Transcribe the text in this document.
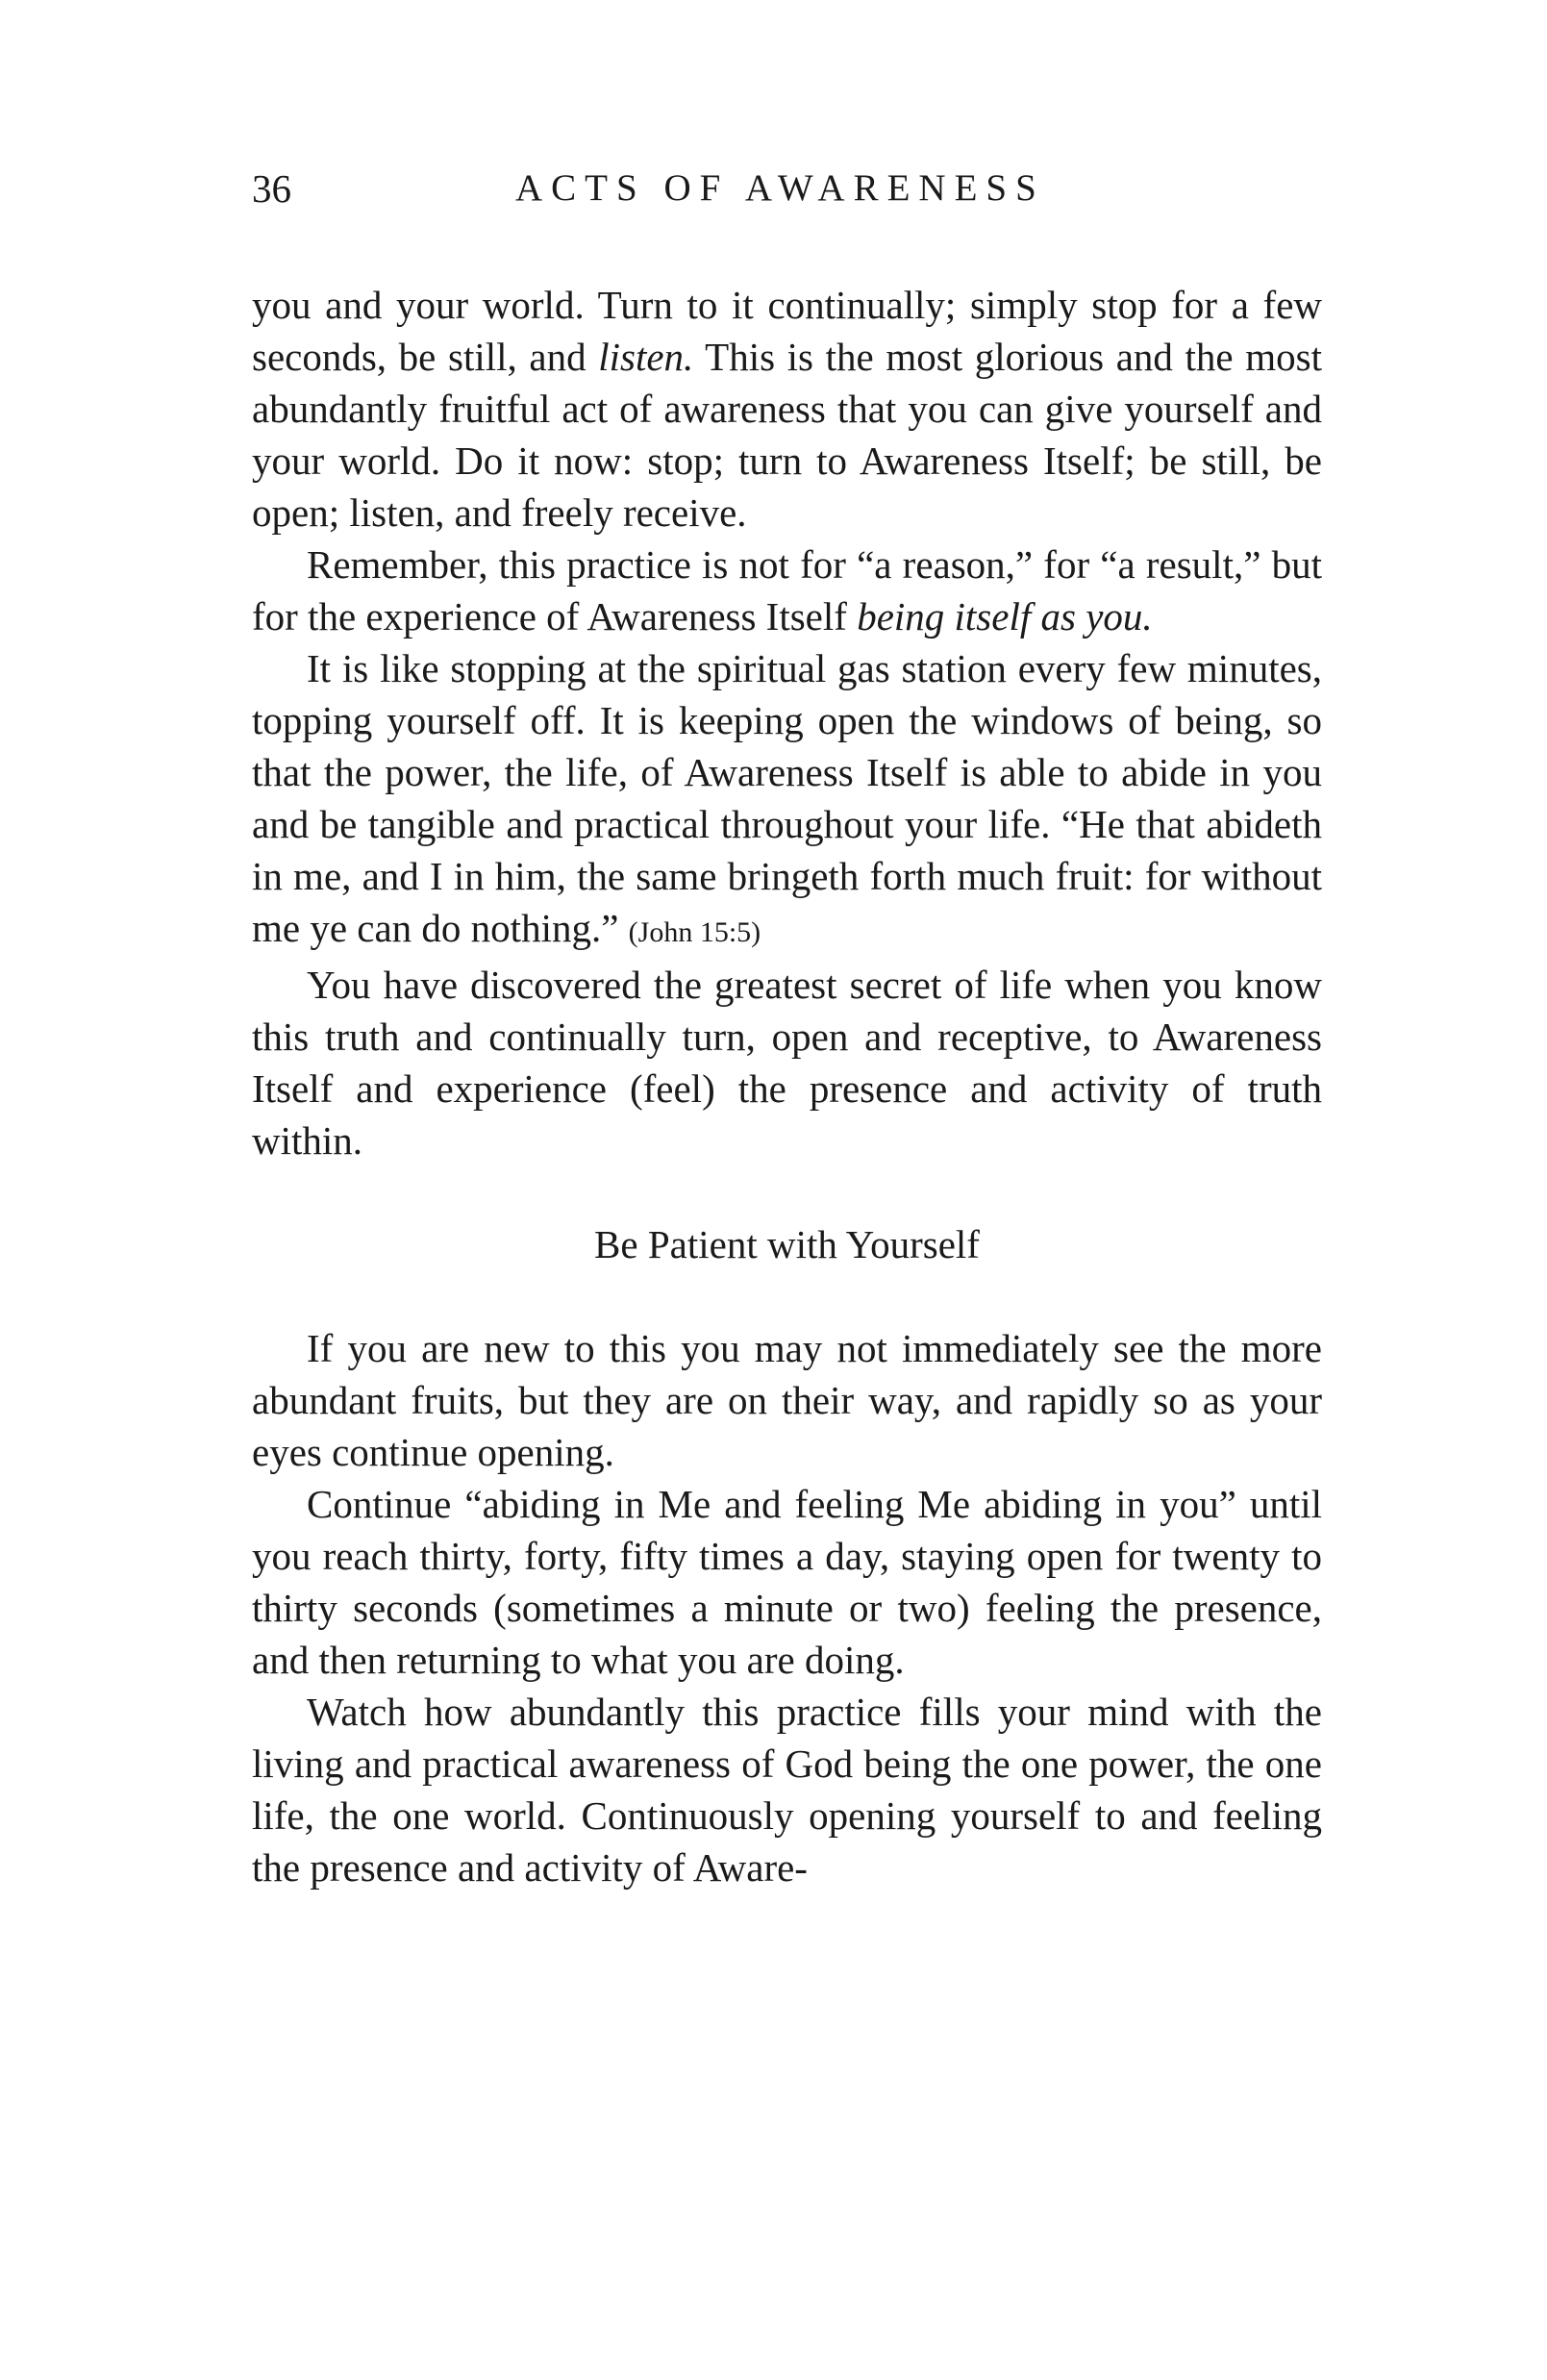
36	ACTS OF AWARENESS

you and your world. Turn to it continually; simply stop for a few seconds, be still, and listen. This is the most glorious and the most abundantly fruitful act of awareness that you can give yourself and your world. Do it now: stop; turn to Awareness Itself; be still, be open; listen, and freely receive.

Remember, this practice is not for “a reason,” for “a result,” but for the experience of Awareness Itself being itself as you.

It is like stopping at the spiritual gas station every few minutes, topping yourself off. It is keeping open the windows of being, so that the power, the life, of Awareness Itself is able to abide in you and be tangible and practical throughout your life. “He that abideth in me, and I in him, the same bringeth forth much fruit: for without me ye can do nothing.” (John 15:5)

You have discovered the greatest secret of life when you know this truth and continually turn, open and receptive, to Awareness Itself and experience (feel) the presence and activity of truth within.

Be Patient with Yourself

If you are new to this you may not immediately see the more abundant fruits, but they are on their way, and rapidly so as your eyes continue opening.

Continue “abiding in Me and feeling Me abiding in you” until you reach thirty, forty, fifty times a day, staying open for twenty to thirty seconds (sometimes a minute or two) feeling the presence, and then returning to what you are doing.

Watch how abundantly this practice fills your mind with the living and practical awareness of God being the one power, the one life, the one world. Continuously opening yourself to and feeling the presence and activity of Aware-
